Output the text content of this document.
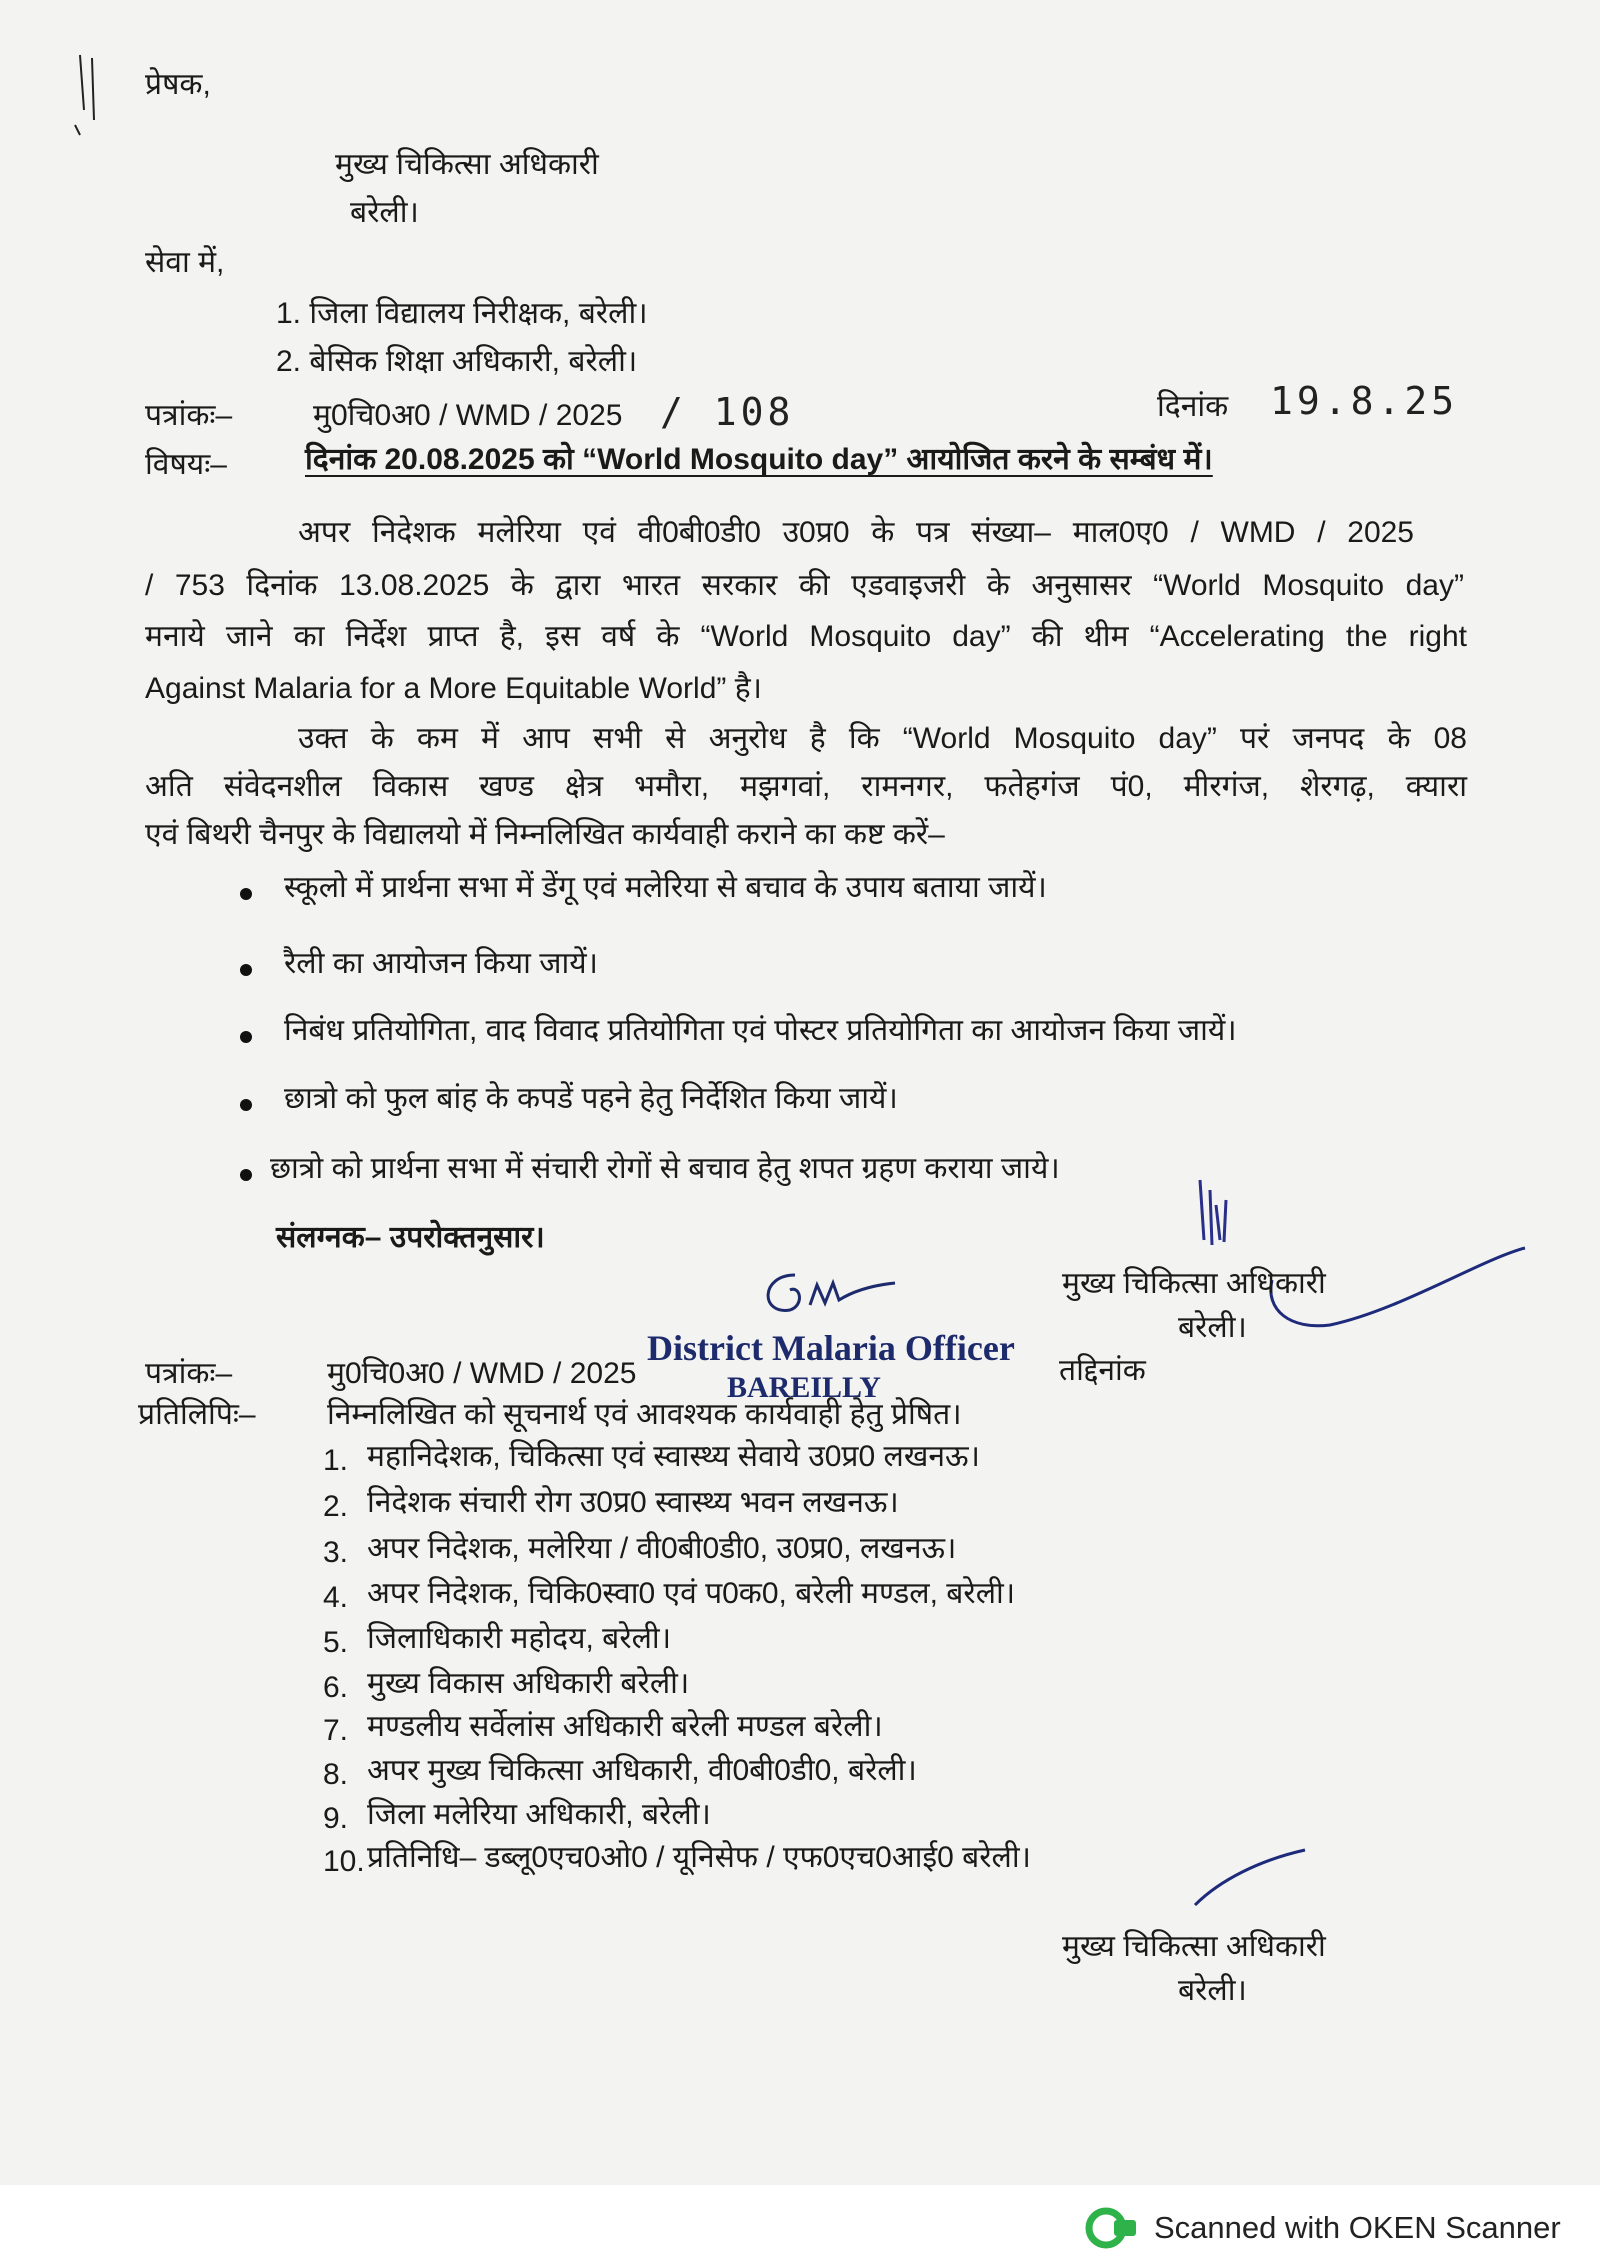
प्रेषक,
मुख्य चिकित्सा अधिकारी
बरेली।
सेवा में,
1. जिला विद्यालय निरीक्षक, बरेली।
2. बेसिक शिक्षा अधिकारी, बरेली।
पत्रांकः–	मु0चि0अ0 / WMD / 2025 / 108	दिनांक 19.8.25
विषयः–	दिनांक 20.08.2025 को “World Mosquito day” आयोजित करने के सम्बंध में।
अपर निदेशक मलेरिया एवं वी0बी0डी0 उ0प्र0 के पत्र संख्या– माल0ए0 / WMD / 2025
/ 753 दिनांक 13.08.2025 के द्वारा भारत सरकार की एडवाइजरी के अनुसासर “World Mosquito day”
मनाये जाने का निर्देश प्राप्त है, इस वर्ष के “World Mosquito day” की थीम “Accelerating the right
Against Malaria for a More Equitable World” है।
उक्त के कम में आप सभी से अनुरोध है कि “World Mosquito day” परं जनपद के 08
अति संवेदनशील विकास खण्ड क्षेत्र भमौरा, मझगवां, रामनगर, फतेहगंज पं0, मीरगंज, शेरगढ़, क्यारा
एवं बिथरी चैनपुर के विद्यालयो में निम्नलिखित कार्यवाही कराने का कष्ट करें–
स्कूलो में प्रार्थना सभा में डेंगू एवं मलेरिया से बचाव के उपाय बताया जायें।
रैली का आयोजन किया जायें।
निबंध प्रतियोगिता, वाद विवाद प्रतियोगिता एवं पोस्टर प्रतियोगिता का आयोजन किया जायें।
छात्रो को फुल बांह के कपडें पहने हेतु निर्देशित किया जायें।
छात्रो को प्रार्थना सभा में संचारी रोगों से बचाव हेतु शपत ग्रहण कराया जाये।
संलग्नक– उपरोक्तनुसार।
मुख्य चिकित्सा अधिकारी
बरेली।
District Malaria Officer
BAREILLY
पत्रांकः–	मु0चि0अ0 / WMD / 2025	तद्दिनांक
प्रतिलिपिः– निम्नलिखित को सूचनार्थ एवं आवश्यक कार्यवाही हेतु प्रेषित।
1. महानिदेशक, चिकित्सा एवं स्वास्थ्य सेवाये उ0प्र0 लखनऊ।
2. निदेशक संचारी रोग उ0प्र0 स्वास्थ्य भवन लखनऊ।
3. अपर निदेशक, मलेरिया / वी0बी0डी0, उ0प्र0, लखनऊ।
4. अपर निदेशक, चिकि0स्वा0 एवं प0क0, बरेली मण्डल, बरेली।
5. जिलाधिकारी महोदय, बरेली।
6. मुख्य विकास अधिकारी बरेली।
7. मण्डलीय सर्वेलांस अधिकारी बरेली मण्डल बरेली।
8. अपर मुख्य चिकित्सा अधिकारी, वी0बी0डी0, बरेली।
9. जिला मलेरिया अधिकारी, बरेली।
10. प्रतिनिधि– डब्लू0एच0ओ0 / यूनिसेफ / एफ0एच0आई0 बरेली।
मुख्य चिकित्सा अधिकारी
बरेली।
Scanned with OKEN Scanner
